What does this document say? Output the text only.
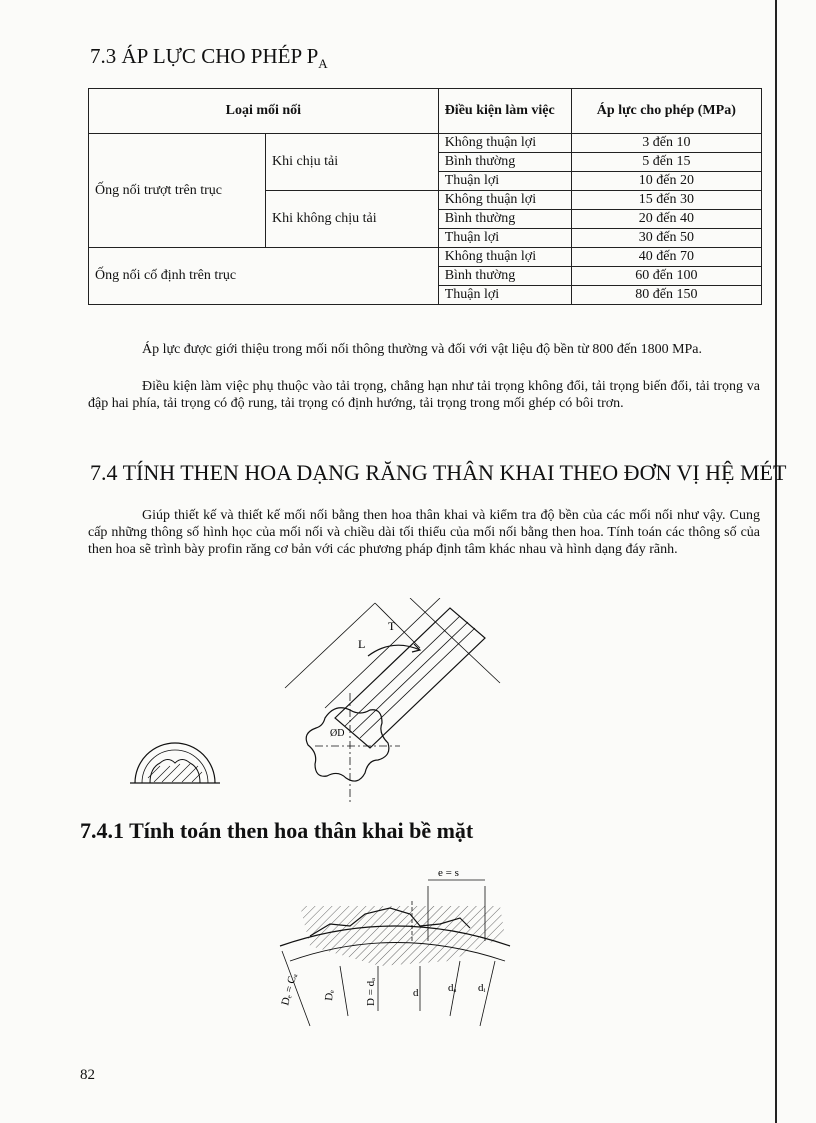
7.3 ÁP LỰC CHO PHÉP $P_A$
Loại mối nối		Điều kiện làm việc	Áp lực cho phép (MPa)
Ống nối trượt trên trục	Khi chịu tải	Không thuận lợi	3 đến 10
		Bình thường	5 đến 15
		Thuận lợi	10 đến 20
	Khi không chịu tải	Không thuận lợi	15 đến 30
		Bình thường	20 đến 40
		Thuận lợi	30 đến 50
Ống nối cố định trên trục		Không thuận lợi	40 đến 70
		Bình thường	60 đến 100
		Thuận lợi	80 đến 150

Áp lực được giới thiệu trong mối nối thông thường và đối với vật liệu độ bền từ 800 đến 1800 MPa.

Điều kiện làm việc phụ thuộc vào tải trọng, chẳng hạn như tải trọng không đổi, tải trọng biến đổi, tải trọng va đập hai phía, tải trọng có độ rung, tải trọng có định hướng, tải trọng trong mối ghép có bôi trơn.

7.4 TÍNH THEN HOA DẠNG RĂNG THÂN KHAI THEO ĐƠN VỊ HỆ MÉT

Giúp thiết kế và thiết kế mối nối bằng then hoa thân khai và kiểm tra độ bền của các mối nối như vậy. Cung cấp những thông số hình học của mối nối và chiều dài tối thiểu của mối nối bằng then hoa. Tính toán các thông số của then hoa sẽ trình bày profin răng cơ bản với các phương pháp định tâm khác nhau và hình dạng đáy rãnh.

L
T
ØD
7.4.1 Tính toán then hoa thân khai bề mặt
e = s
Dₑ = Cₐ Dₑ	D = dₐ	d	dₐ dᵢ
82
